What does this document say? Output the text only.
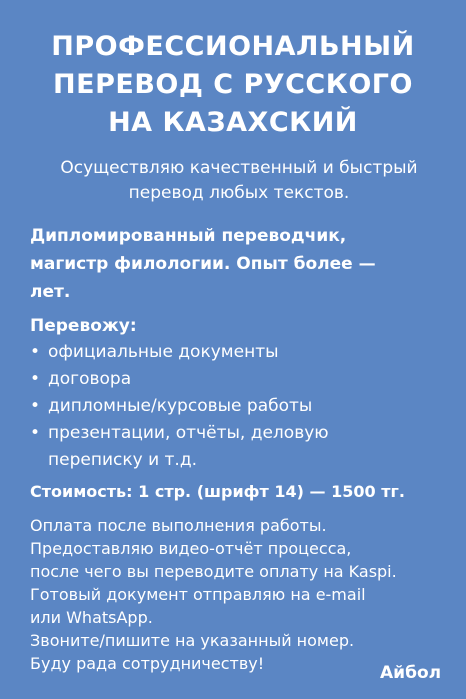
ПРОФЕССИОНАЛЬНЫЙ
ПЕРЕВОД С РУССКОГО
НА КАЗАХСКИЙ
Осуществляю качественный и быстрый
перевод любых текстов.
Дипломированный переводчик,
магистр филологии. Опыт более —
лет.
Перевожу:
• официальные документы
• договора
• дипломные/курсовые работы
• презентации, отчёты, деловую
переписку и т.д.
Стоимость: 1 стр. (шрифт 14) — 1500 тг.
Оплата после выполнения работы.
Предоставляю видео-отчёт процесса,
после чего вы переводите оплату на Kaspi.
Готовый документ отправляю на e-mail
или WhatsApp.
Звоните/пишите на указанный номер.
Буду рада сотрудничеству!	Айбол
